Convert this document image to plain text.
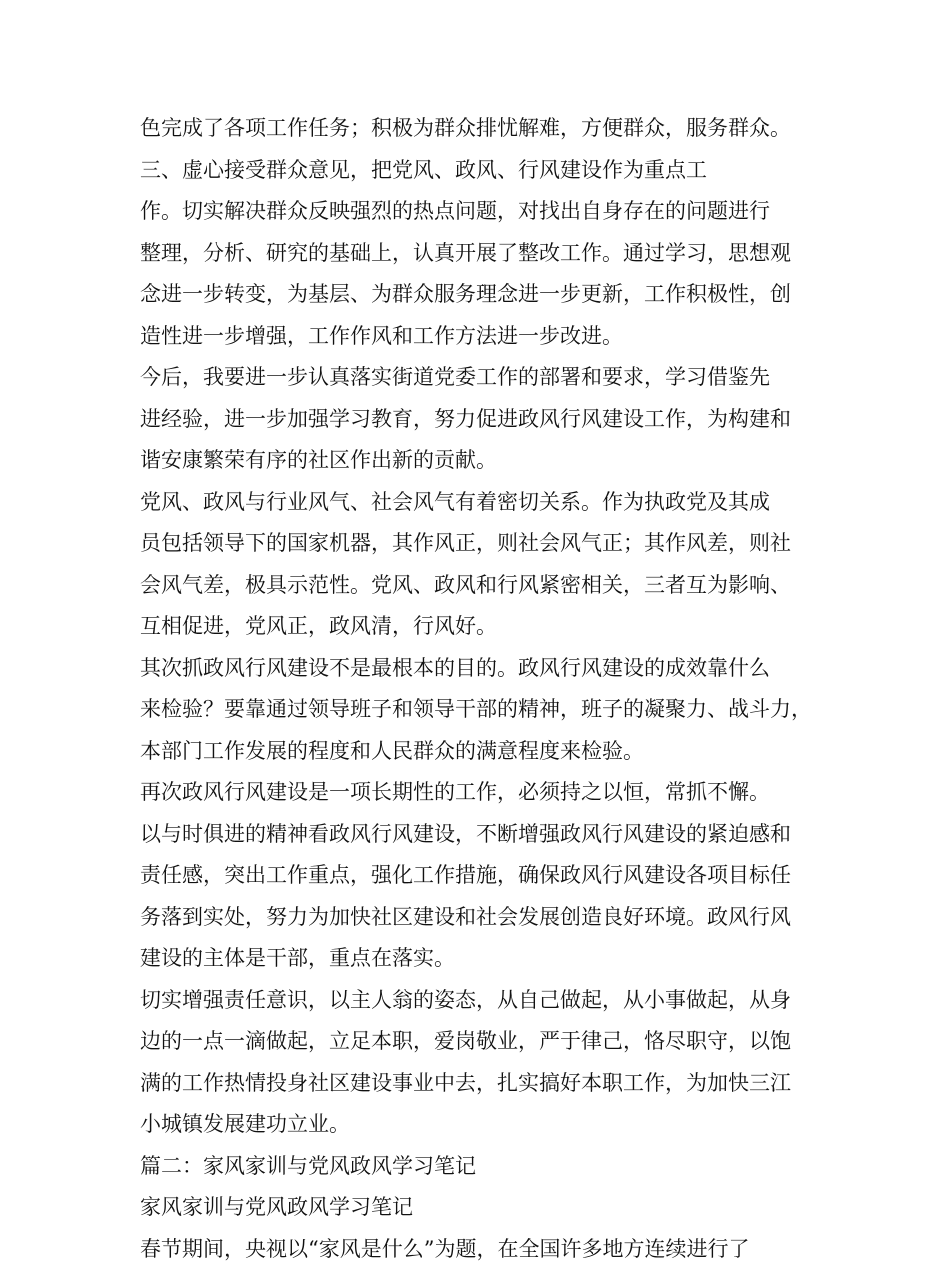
色完成了各项工作任务；积极为群众排忧解难，方便群众，服务群众。
三、虚心接受群众意见，把党风、政风、行风建设作为重点工
作。切实解决群众反映强烈的热点问题，对找出自身存在的问题进行
整理，分析、研究的基础上，认真开展了整改工作。通过学习，思想观
念进一步转变，为基层、为群众服务理念进一步更新，工作积极性，创
造性进一步增强，工作作风和工作方法进一步改进。
今后，我要进一步认真落实街道党委工作的部署和要求，学习借鉴先
进经验，进一步加强学习教育，努力促进政风行风建设工作，为构建和
谐安康繁荣有序的社区作出新的贡献。
党风、政风与行业风气、社会风气有着密切关系。作为执政党及其成
员包括领导下的国家机器，其作风正，则社会风气正；其作风差，则社
会风气差，极具示范性。党风、政风和行风紧密相关，三者互为影响、
互相促进，党风正，政风清，行风好。
其次抓政风行风建设不是最根本的目的。政风行风建设的成效靠什么
来检验？要靠通过领导班子和领导干部的精神，班子的凝聚力、战斗力，
本部门工作发展的程度和人民群众的满意程度来检验。
再次政风行风建设是一项长期性的工作，必须持之以恒，常抓不懈。
以与时俱进的精神看政风行风建设，不断增强政风行风建设的紧迫感和
责任感，突出工作重点，强化工作措施，确保政风行风建设各项目标任
务落到实处，努力为加快社区建设和社会发展创造良好环境。政风行风
建设的主体是干部，重点在落实。
切实增强责任意识，以主人翁的姿态，从自己做起，从小事做起，从身
边的一点一滴做起，立足本职，爱岗敬业，严于律己，恪尽职守，以饱
满的工作热情投身社区建设事业中去，扎实搞好本职工作，为加快三江
小城镇发展建功立业。
篇二：家风家训与党风政风学习笔记
家风家训与党风政风学习笔记
春节期间，央视以“家风是什么”为题，在全国许多地方连续进行了
